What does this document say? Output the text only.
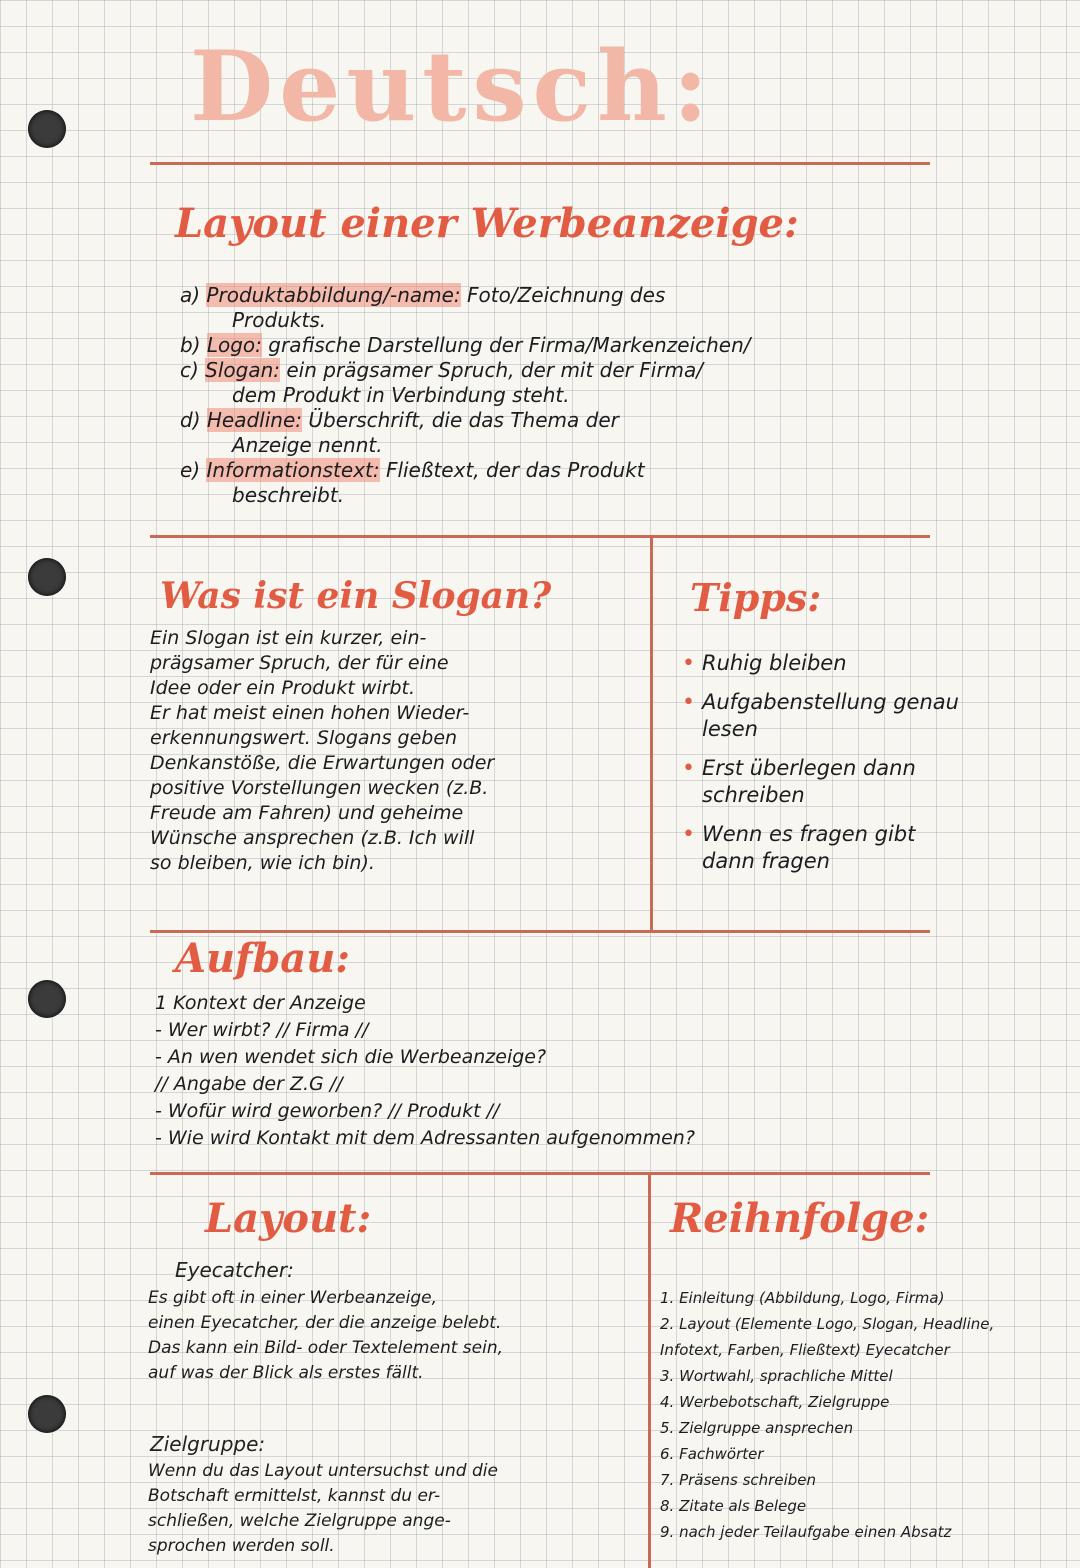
Deutsch:
Layout einer Werbeanzeige:
a) Produktabbildung/-name: Foto/Zeichnung des
Produkts.
b) Logo: grafische Darstellung der Firma/Markenzeichen/
c) Slogan: ein prägsamer Spruch, der mit der Firma/
dem Produkt in Verbindung steht.
d) Headline: Überschrift, die das Thema der
Anzeige nennt.
e) Informationstext: Fließtext, der das Produkt
beschreibt.
Was ist ein Slogan?
Ein Slogan ist ein kurzer, ein-
prägsamer Spruch, der für eine
Idee oder ein Produkt wirbt.
Er hat meist einen hohen Wieder-
erkennungswert. Slogans geben
Denkanstöße, die Erwartungen oder
positive Vorstellungen wecken (z.B.
Freude am Fahren) und geheime
Wünsche ansprechen (z.B. Ich will
so bleiben, wie ich bin).
Tipps:
• Ruhig bleiben
• Aufgabenstellung genau lesen
• Erst überlegen dann schreiben
• Wenn es fragen gibt dann fragen
Aufbau:
1 Kontext der Anzeige
- Wer wirbt? // Firma //
- An wen wendet sich die Werbeanzeige?
// Angabe der Z.G //
- Wofür wird geworben? // Produkt //
- Wie wird Kontakt mit dem Adressanten aufgenommen?
Layout:
Eyecatcher:
Es gibt oft in einer Werbeanzeige,
einen Eyecatcher, der die anzeige belebt.
Das kann ein Bild- oder Textelement sein,
auf was der Blick als erstes fällt.
Zielgruppe:
Wenn du das Layout untersuchst und die
Botschaft ermittelst, kannst du er-
schließen, welche Zielgruppe ange-
sprochen werden soll.
Reihnfolge:
1. Einleitung (Abbildung, Logo, Firma)
2. Layout (Elemente Logo, Slogan, Headline,
Infotext, Farben, Fließtext) Eyecatcher
3. Wortwahl, sprachliche Mittel
4. Werbebotschaft, Zielgruppe
5. Zielgruppe ansprechen
6. Fachwörter
7. Präsens schreiben
8. Zitate als Belege
9. nach jeder Teilaufgabe einen Absatz
